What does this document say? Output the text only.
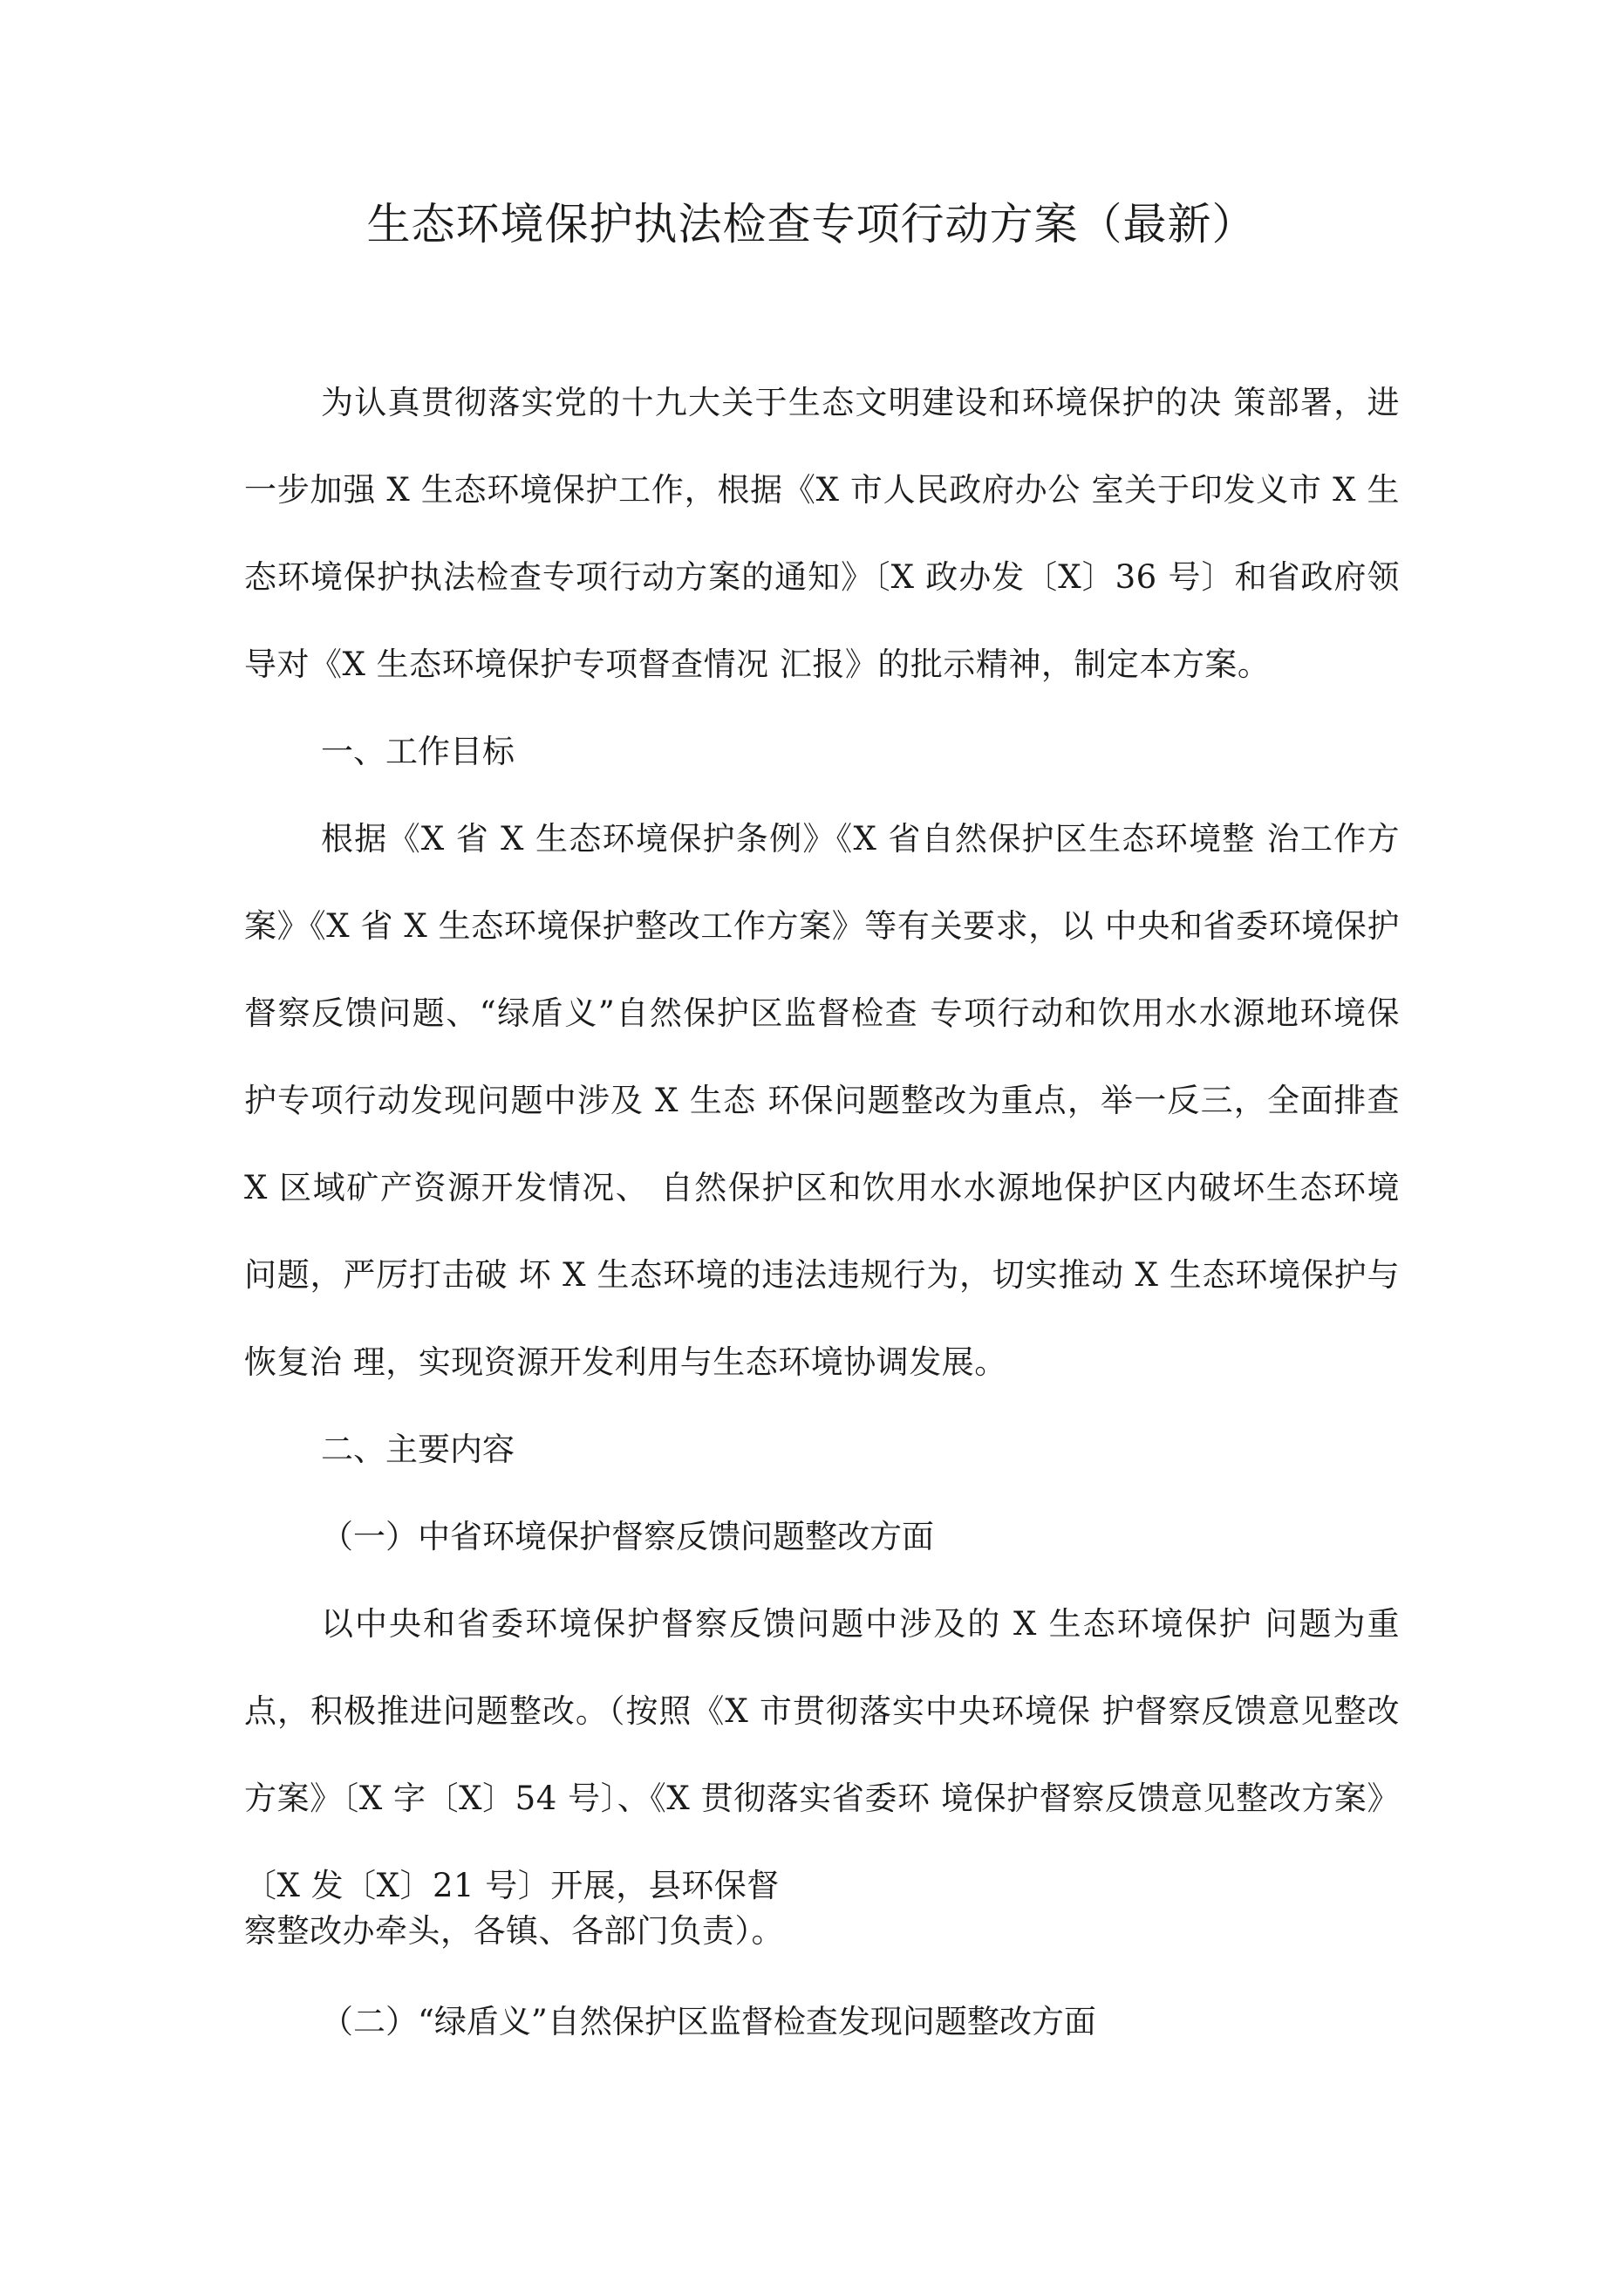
生态环境保护执法检查专项行动方案（最新）

为认真贯彻落实党的十九大关于生态文明建设和环境保护的决 策部署，进一步加强 X 生态环境保护工作，根据《X 市人民政府办公 室关于印发义市 X 生态环境保护执法检查专项行动方案的通知》〔X 政办发〔X〕36 号〕和省政府领导对《X 生态环境保护专项督查情况 汇报》的批示精神，制定本方案。

一、工作目标

根据《X 省 X 生态环境保护条例》《X 省自然保护区生态环境整 治工作方案》《X 省 X 生态环境保护整改工作方案》等有关要求，以 中央和省委环境保护督察反馈问题、“绿盾义”自然保护区监督检查 专项行动和饮用水水源地环境保护专项行动发现问题中涉及 X 生态 环保问题整改为重点，举一反三，全面排查 X 区域矿产资源开发情况、 自然保护区和饮用水水源地保护区内破坏生态环境问题，严厉打击破 坏 X 生态环境的违法违规行为，切实推动 X 生态环境保护与恢复治 理，实现资源开发利用与生态环境协调发展。

二、主要内容

（一）中省环境保护督察反馈问题整改方面

以中央和省委环境保护督察反馈问题中涉及的 X 生态环境保护 问题为重点，积极推进问题整改。（按照《X 市贯彻落实中央环境保 护督察反馈意见整改方案》〔X 字〔X〕54 号〕、《X 贯彻落实省委环 境保护督察反馈意见整改方案》〔X 发〔X〕21 号〕开展，县环保督
察整改办牵头，各镇、各部门负责）。

（二）“绿盾义”自然保护区监督检查发现问题整改方面
